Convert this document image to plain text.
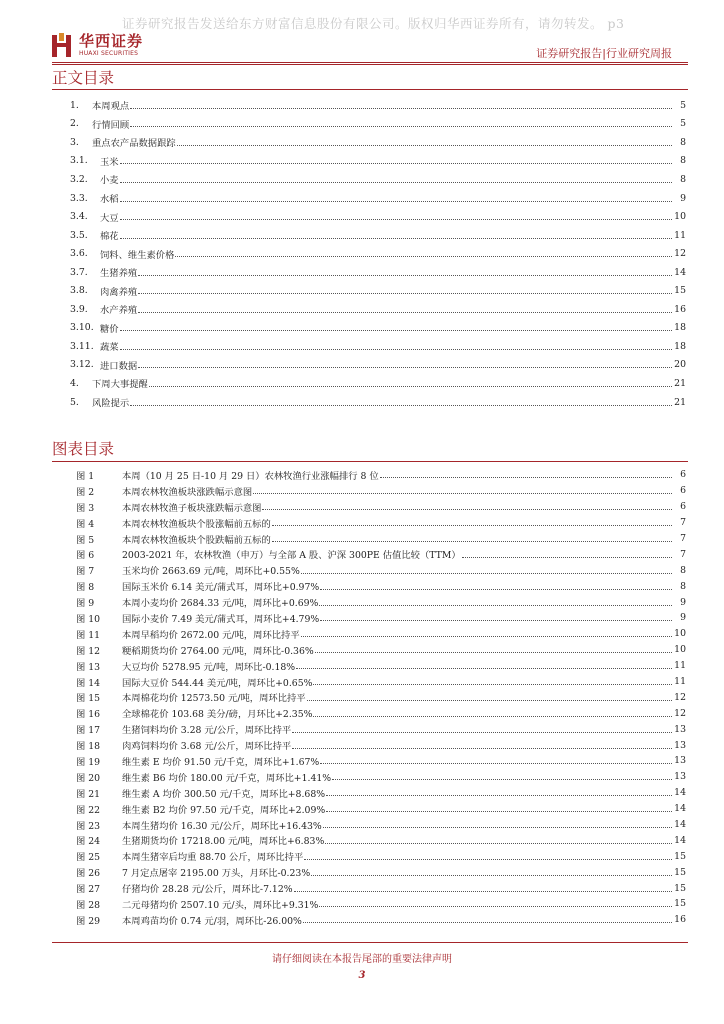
证券研究报告发送给东方财富信息股份有限公司。版权归华西证券所有，请勿转发。 p3
华西证券
HUAXI SECURITIES	证券研究报告|行业研究周报
正文目录
1.	本周观点	5
2.	行情回顾	5
3.	重点农产品数据跟踪	8
3.1.	玉米	8
3.2.	小麦	8
3.3.	水稻	9
3.4.	大豆	10
3.5.	棉花	11
3.6.	饲料、维生素价格	12
3.7.	生猪养殖	14
3.8.	肉禽养殖	15
3.9.	水产养殖	16
3.10. 糖价	18
3.11. 蔬菜	18
3.12. 进口数据	20
4.	下周大事提醒	21
5.	风险提示	21
图表目录
图 1	本周（10 月 25 日-10 月 29 日）农林牧渔行业涨幅排行 8 位	6
图 2	本周农林牧渔板块涨跌幅示意图	6
图 3	本周农林牧渔子板块涨跌幅示意图	6
图 4	本周农林牧渔板块个股涨幅前五标的	7
图 5	本周农林牧渔板块个股跌幅前五标的	7
图 6	2003-2021 年，农林牧渔（申万）与全部 A 股、沪深 300PE 估值比较（TTM）	7
图 7	玉米均价 2663.69 元/吨，周环比+0.55%	8
图 8	国际玉米价 6.14 美元/蒲式耳，周环比+0.97%	8
图 9	本周小麦均价 2684.33 元/吨，周环比+0.69%	9
图 10	国际小麦价 7.49 美元/蒲式耳，周环比+4.79%	9
图 11	本周早稻均价 2672.00 元/吨，周环比持平	10
图 12	粳稻期货均价 2764.00 元/吨，周环比-0.36%	10
图 13	大豆均价 5278.95 元/吨，周环比-0.18%	11
图 14	国际大豆价 544.44 美元/吨，周环比+0.65%	11
图 15	本周棉花均价 12573.50 元/吨，周环比持平	12
图 16	全球棉花价 103.68 美分/磅，月环比+2.35%	12
图 17	生猪饲料均价 3.28 元/公斤，周环比持平	13
图 18	肉鸡饲料均价 3.68 元/公斤，周环比持平	13
图 19	维生素 E 均价 91.50 元/千克，周环比+1.67%	13
图 20	维生素 B6 均价 180.00 元/千克，周环比+1.41%	13
图 21	维生素 A 均价 300.50 元/千克，周环比+8.68%	14
图 22	维生素 B2 均价 97.50 元/千克，周环比+2.09%	14
图 23	本周生猪均价 16.30 元/公斤，周环比+16.43%	14
图 24	生猪期货均价 17218.00 元/吨，周环比+6.83%	14
图 25	本周生猪宰后均重 88.70 公斤，周环比持平	15
图 26	7 月定点屠宰 2195.00 万头，月环比-0.23%	15
图 27	仔猪均价 28.28 元/公斤，周环比-7.12%	15
图 28	二元母猪均价 2507.10 元/头，周环比+9.31%	15
图 29	本周鸡苗均价 0.74 元/羽，周环比-26.00%	16
请仔细阅读在本报告尾部的重要法律声明
3
